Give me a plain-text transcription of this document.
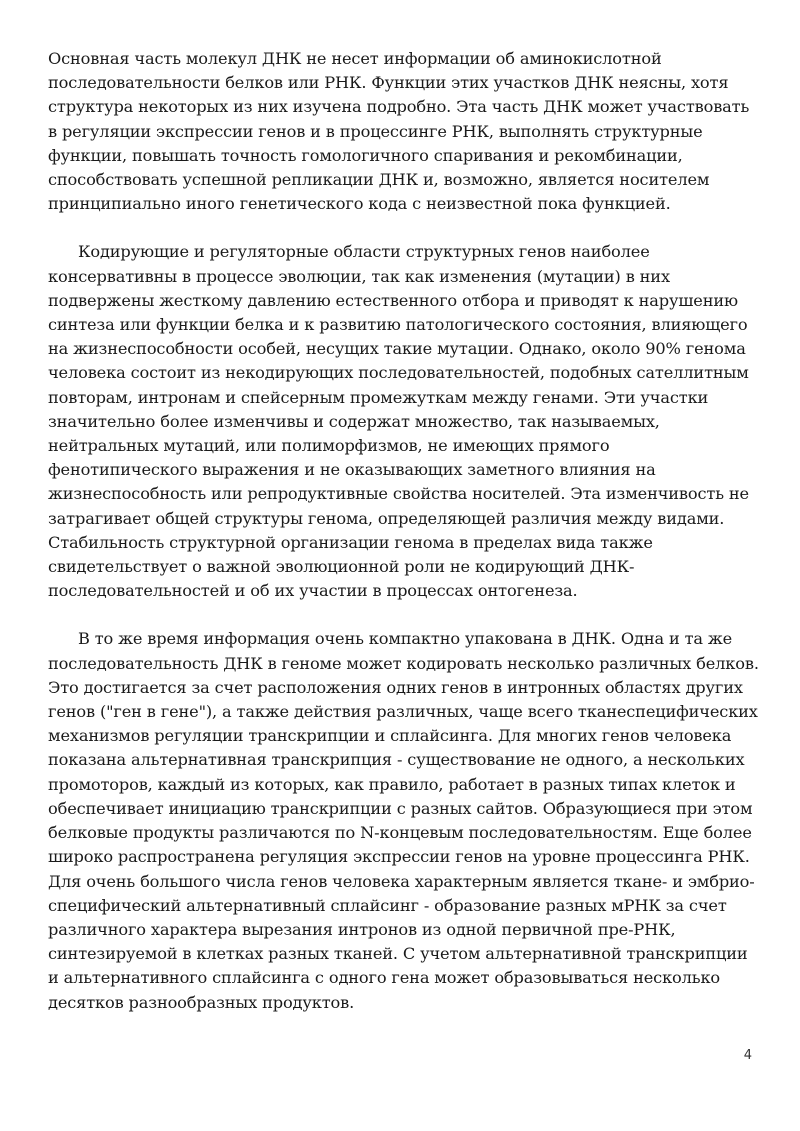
Основная часть молекул ДНК не несет информации об аминокислотной последовательности белков или РНК. Функции этих участков ДНК неясны, хотя структура некоторых из них изучена подробно. Эта часть ДНК может участвовать в регуляции экспрессии генов и в процессинге РНК, выполнять структурные функции, повышать точность гомологичного спаривания и рекомбинации, способствовать успешной репликации ДНК и, возможно, является носителем принципиально иного генетического кода с неизвестной пока функцией.

Кодирующие и регуляторные области структурных генов наиболее консервативны в процессе эволюции, так как изменения (мутации) в них подвержены жесткому давлению естественного отбора и приводят к нарушению синтеза или функции белка и к развитию патологического состояния, влияющего на жизнеспособности особей, несущих такие мутации. Однако, около 90% генома человека состоит из некодирующих последовательностей, подобных сателлитным повторам, интронам и спейсерным промежуткам между генами. Эти участки значительно более изменчивы и содержат множество, так называемых, нейтральных мутаций, или полиморфизмов, не имеющих прямого фенотипического выражения и не оказывающих заметного влияния на жизнеспособность или репродуктивные свойства носителей. Эта изменчивость не затрагивает общей структуры генома, определяющей различия между видами. Стабильность структурной организации генома в пределах вида также свидетельствует о важной эволюционной роли не кодирующий ДНК-последовательностей и об их участии в процессах онтогенеза.

В то же время информация очень компактно упакована в ДНК. Одна и та же последовательность ДНК в геноме может кодировать несколько различных белков. Это достигается за счет расположения одних генов в интронных областях других генов ("ген в гене"), а также действия различных, чаще всего тканеспецифических механизмов регуляции транскрипции и сплайсинга. Для многих генов человека показана альтернативная транскрипция - существование не одного, а нескольких промоторов, каждый из которых, как правило, работает в разных типах клеток и обеспечивает инициацию транскрипции с разных сайтов. Образующиеся при этом белковые продукты различаются по N-концевым последовательностям. Еще более широко распространена регуляция экспрессии генов на уровне процессинга РНК. Для очень большого числа генов человека характерным является ткане- и эмбрио-специфический альтернативный сплайсинг - образование разных мРНК за счет различного характера вырезания интронов из одной первичной пре-РНК, синтезируемой в клетках разных тканей. С учетом альтернативной транскрипции и альтернативного сплайсинга с одного гена может образовываться несколько десятков разнообразных продуктов.

4
